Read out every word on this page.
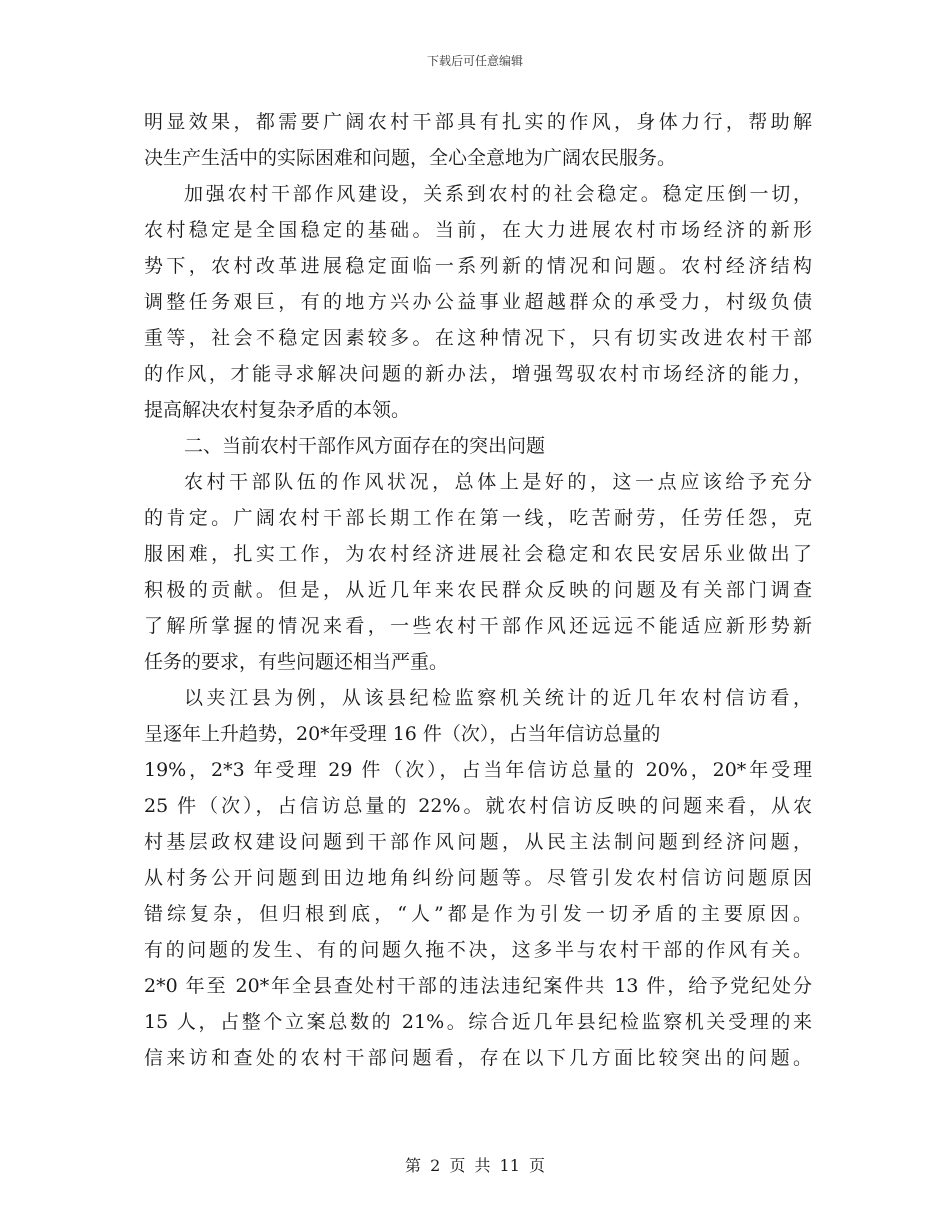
下载后可任意编辑
明显效果，都需要广阔农村干部具有扎实的作风，身体力行，帮助解
决生产生活中的实际困难和问题，全心全意地为广阔农民服务。
加强农村干部作风建设，关系到农村的社会稳定。稳定压倒一切，
农村稳定是全国稳定的基础。当前，在大力进展农村市场经济的新形
势下，农村改革进展稳定面临一系列新的情况和问题。农村经济结构
调整任务艰巨，有的地方兴办公益事业超越群众的承受力，村级负债
重等，社会不稳定因素较多。在这种情况下，只有切实改进农村干部
的作风，才能寻求解决问题的新办法，增强驾驭农村市场经济的能力，
提高解决农村复杂矛盾的本领。
二、当前农村干部作风方面存在的突出问题
农村干部队伍的作风状况，总体上是好的，这一点应该给予充分
的肯定。广阔农村干部长期工作在第一线，吃苦耐劳，任劳任怨，克
服困难，扎实工作，为农村经济进展社会稳定和农民安居乐业做出了
积极的贡献。但是，从近几年来农民群众反映的问题及有关部门调查
了解所掌握的情况来看，一些农村干部作风还远远不能适应新形势新
任务的要求，有些问题还相当严重。
以夹江县为例，从该县纪检监察机关统计的近几年农村信访看，
呈逐年上升趋势，20*年受理 16 件（次），占当年信访总量的
19%，2*3 年受理 29 件（次），占当年信访总量的 20%，20*年受理
25 件（次），占信访总量的 22%。就农村信访反映的问题来看，从农
村基层政权建设问题到干部作风问题，从民主法制问题到经济问题，
从村务公开问题到田边地角纠纷问题等。尽管引发农村信访问题原因
错综复杂，但归根到底，“人”都是作为引发一切矛盾的主要原因。
有的问题的发生、有的问题久拖不决，这多半与农村干部的作风有关。
2*0 年至 20*年全县查处村干部的违法违纪案件共 13 件，给予党纪处分
15 人，占整个立案总数的 21%。综合近几年县纪检监察机关受理的来
信来访和查处的农村干部问题看，存在以下几方面比较突出的问题。
第 2 页 共 11 页
